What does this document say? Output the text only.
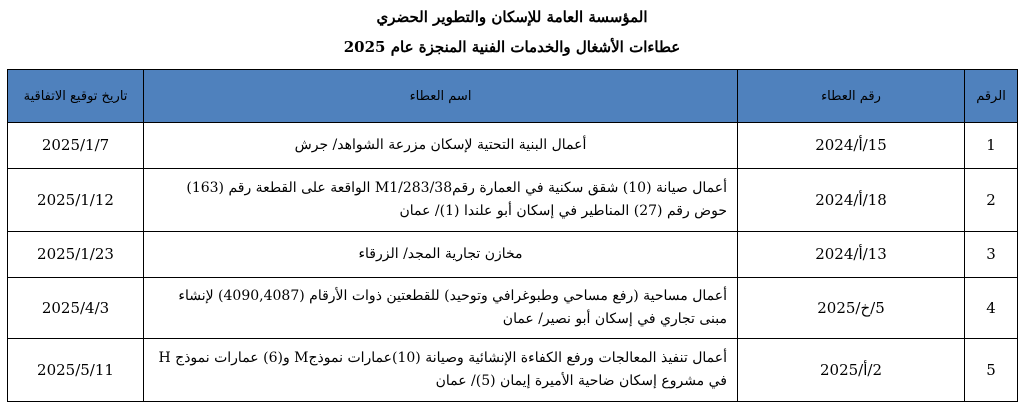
المؤسسة العامة للإسكان والتطوير الحضري
عطاءات الأشغال والخدمات الفنية المنجزة عام 2025
الرقم	رقم العطاء	اسم العطاء	تاريخ توقيع الاتفاقية
1	15/أ/2024	أعمال البنية التحتية لإسكان مزرعة الشواهد/ جرش	2025/1/7
2	18/أ/2024	أعمال صيانة (10) شقق سكنية في العمارة رقمM1/283/38 الواقعة على القطعة رقم (163) حوض رقم (27) المناطير في إسكان أبو علندا (1)/ عمان	2025/1/12
3	13/أ/2024	مخازن تجارية المجد/ الزرقاء	2025/1/23
4	5/خ/2025	أعمال مساحية (رفع مساحي وطبوغرافي وتوحيد) للقطعتين ذوات الأرقام (4090,4087) لإنشاء مبنى تجاري في إسكان أبو نصير/ عمان	2025/4/3
5	2/أ/2025	أعمال تنفيذ المعالجات ورفع الكفاءة الإنشائية وصيانة (10)عمارات نموذجM و(6) عمارات نموذج H في مشروع إسكان ضاحية الأميرة إيمان (5)/ عمان	2025/5/11
